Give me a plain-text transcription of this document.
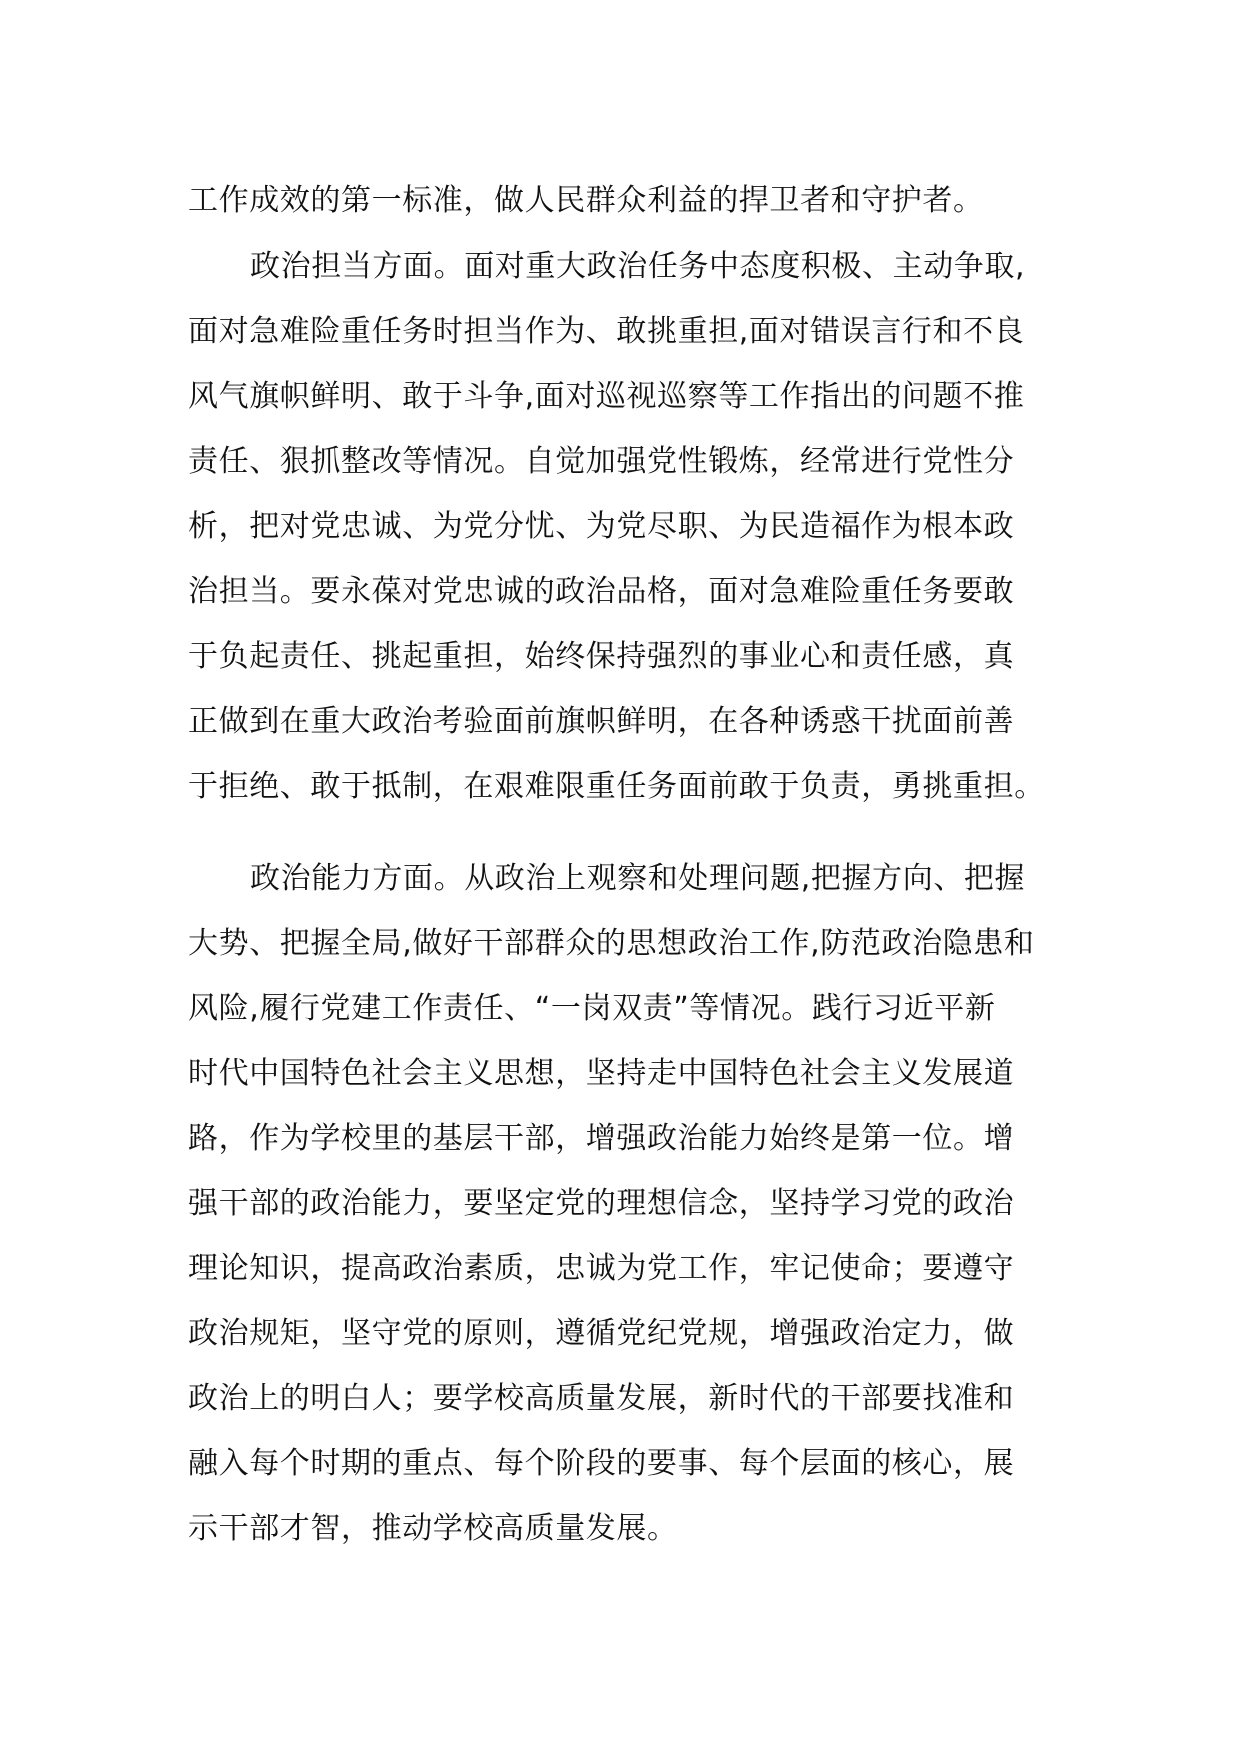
工作成效的第一标准，做人民群众利益的捍卫者和守护者。
政治担当方面。面对重大政治任务中态度积极、主动争取,
面对急难险重任务时担当作为、敢挑重担,面对错误言行和不良
风气旗帜鲜明、敢于斗争,面对巡视巡察等工作指出的问题不推
责任、狠抓整改等情况。自觉加强党性锻炼，经常进行党性分
析，把对党忠诚、为党分忧、为党尽职、为民造福作为根本政
治担当。要永葆对党忠诚的政治品格，面对急难险重任务要敢
于负起责任、挑起重担，始终保持强烈的事业心和责任感，真
正做到在重大政治考验面前旗帜鲜明，在各种诱惑干扰面前善
于拒绝、敢于抵制，在艰难限重任务面前敢于负责，勇挑重担。
政治能力方面。从政治上观察和处理问题,把握方向、把握
大势、把握全局,做好干部群众的思想政治工作,防范政治隐患和
风险,履行党建工作责任、“一岗双责”等情况。践行习近平新
时代中国特色社会主义思想，坚持走中国特色社会主义发展道
路，作为学校里的基层干部，增强政治能力始终是第一位。增
强干部的政治能力，要坚定党的理想信念，坚持学习党的政治
理论知识，提高政治素质，忠诚为党工作，牢记使命；要遵守
政治规矩，坚守党的原则，遵循党纪党规，增强政治定力，做
政治上的明白人；要学校高质量发展，新时代的干部要找准和
融入每个时期的重点、每个阶段的要事、每个层面的核心，展
示干部才智，推动学校高质量发展。
